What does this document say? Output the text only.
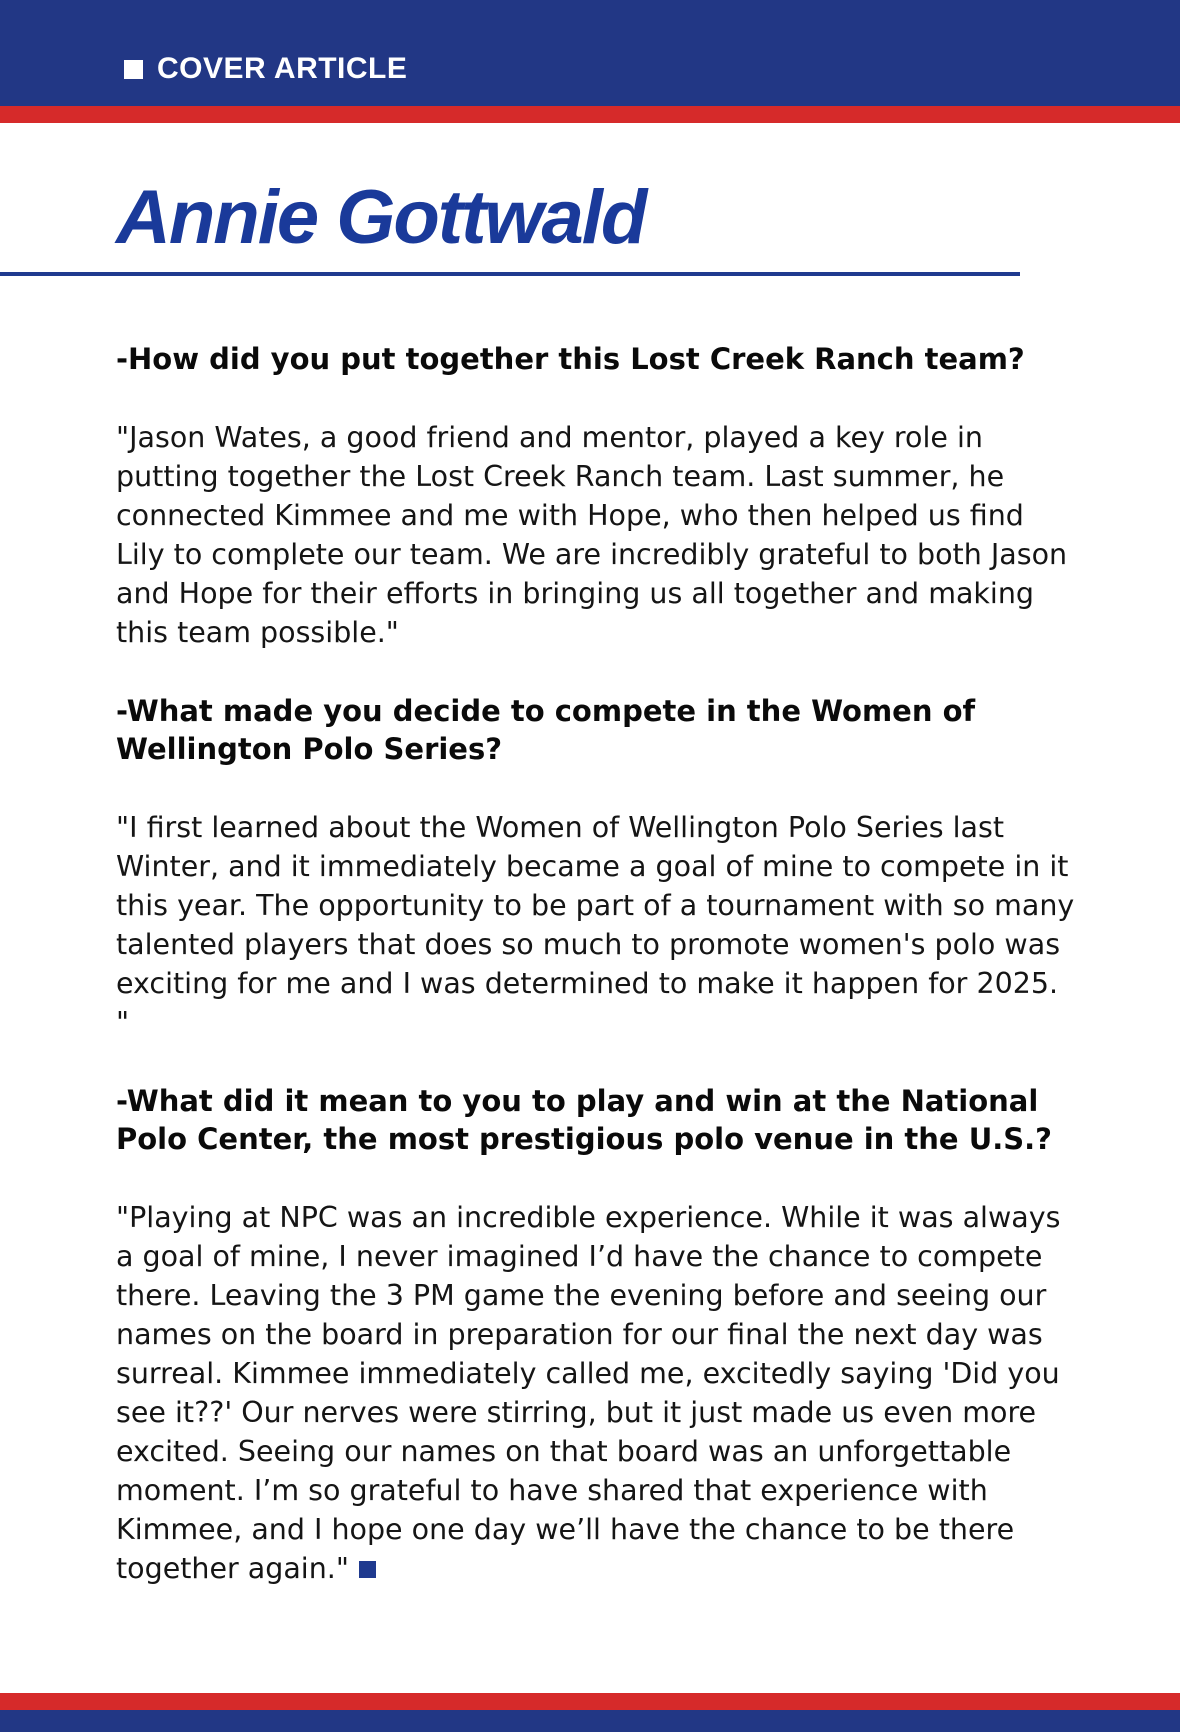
COVER ARTICLE
Annie Gottwald

-How did you put together this Lost Creek Ranch team?

"Jason Wates, a good friend and mentor, played a key role in putting together the Lost Creek Ranch team. Last summer, he connected Kimmee and me with Hope, who then helped us find Lily to complete our team. We are incredibly grateful to both Jason and Hope for their efforts in bringing us all together and making this team possible."

-What made you decide to compete in the Women of Wellington Polo Series?

"I first learned about the Women of Wellington Polo Series last Winter, and it immediately became a goal of mine to compete in it this year. The opportunity to be part of a tournament with so many talented players that does so much to promote women's polo was exciting for me and I was determined to make it happen for 2025. "

-What did it mean to you to play and win at the National Polo Center, the most prestigious polo venue in the U.S.?

"Playing at NPC was an incredible experience. While it was always a goal of mine, I never imagined I’d have the chance to compete there. Leaving the 3 PM game the evening before and seeing our names on the board in preparation for our final the next day was surreal. Kimmee immediately called me, excitedly saying 'Did you see it??' Our nerves were stirring, but it just made us even more excited. Seeing our names on that board was an unforgettable moment. I’m so grateful to have shared that experience with Kimmee, and I hope one day we’ll have the chance to be there together again."
